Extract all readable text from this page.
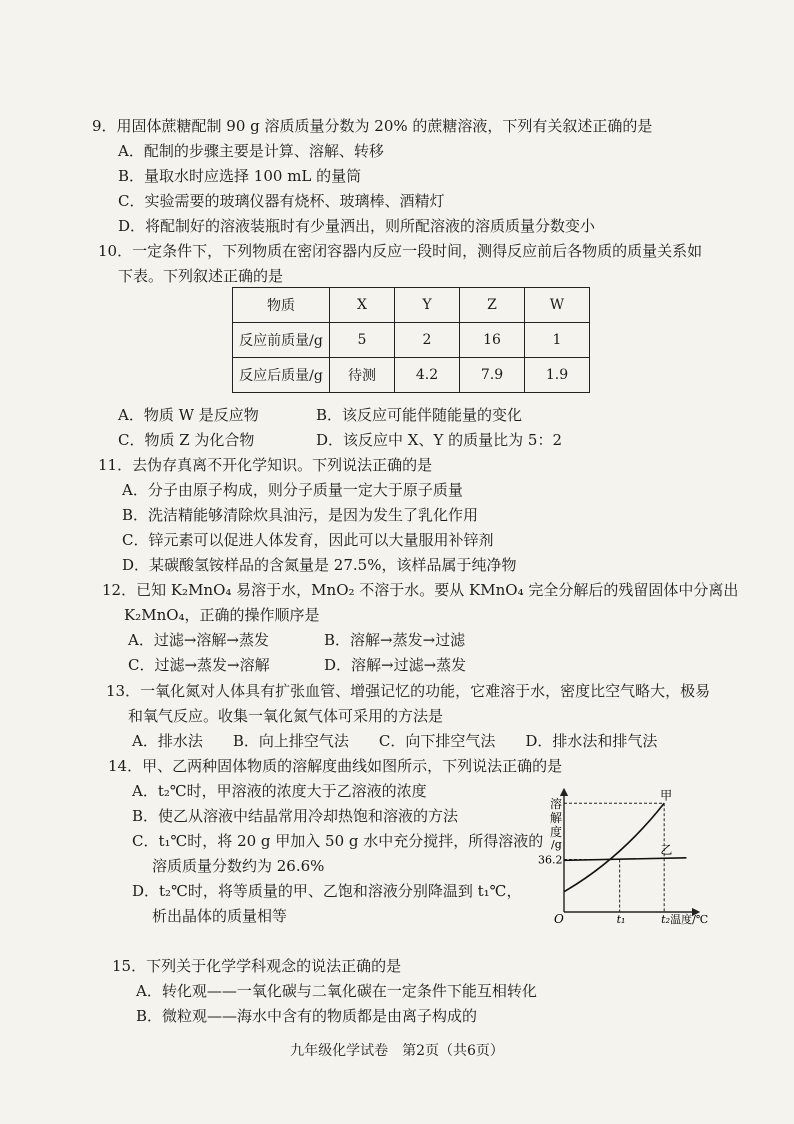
9．用固体蔗糖配制 90 g 溶质质量分数为 20% 的蔗糖溶液，下列有关叙述正确的是
A．配制的步骤主要是计算、溶解、转移
B．量取水时应选择 100 mL 的量筒
C．实验需要的玻璃仪器有烧杯、玻璃棒、酒精灯
D．将配制好的溶液装瓶时有少量洒出，则所配溶液的溶质质量分数变小
10．一定条件下，下列物质在密闭容器内反应一段时间，测得反应前后各物质的质量关系如
下表。下列叙述正确的是
物质	X	Y	Z	W
反应前质量/g	5	2	16	1
反应后质量/g	待测	4.2	7.9	1.9
A．物质 W 是反应物	B．该反应可能伴随能量的变化
C．物质 Z 为化合物	D．该反应中 X、Y 的质量比为 5：2
11．去伪存真离不开化学知识。下列说法正确的是
A．分子由原子构成，则分子质量一定大于原子质量
B．洗洁精能够清除炊具油污，是因为发生了乳化作用
C．锌元素可以促进人体发育，因此可以大量服用补锌剂
D．某碳酸氢铵样品的含氮量是 27.5%，该样品属于纯净物
12．已知 K₂MnO₄ 易溶于水，MnO₂ 不溶于水。要从 KMnO₄ 完全分解后的残留固体中分离出
K₂MnO₄，正确的操作顺序是
A．过滤→溶解→蒸发	B．溶解→蒸发→过滤
C．过滤→蒸发→溶解	D．溶解→过滤→蒸发
13．一氧化氮对人体具有扩张血管、增强记忆的功能，它难溶于水，密度比空气略大，极易
和氧气反应。收集一氧化氮气体可采用的方法是
A．排水法　　B．向上排空气法　　C．向下排空气法　　D．排水法和排气法
14．甲、乙两种固体物质的溶解度曲线如图所示，下列说法正确的是
A．t₂℃时，甲溶液的浓度大于乙溶液的浓度
B．使乙从溶液中结晶常用冷却热饱和溶液的方法
C．t₁℃时，将 20 g 甲加入 50 g 水中充分搅拌，所得溶液的
溶质质量分数约为 26.6%
D．t₂℃时，将等质量的甲、乙饱和溶液分别降温到 t₁℃，
析出晶体的质量相等
溶
解
度
/g
O	温度/℃
36.2
t₁	t₂
甲
乙
15．下列关于化学学科观念的说法正确的是
A．转化观——一氧化碳与二氧化碳在一定条件下能互相转化
B．微粒观——海水中含有的物质都是由离子构成的
九年级化学试卷　第2页（共6页）
